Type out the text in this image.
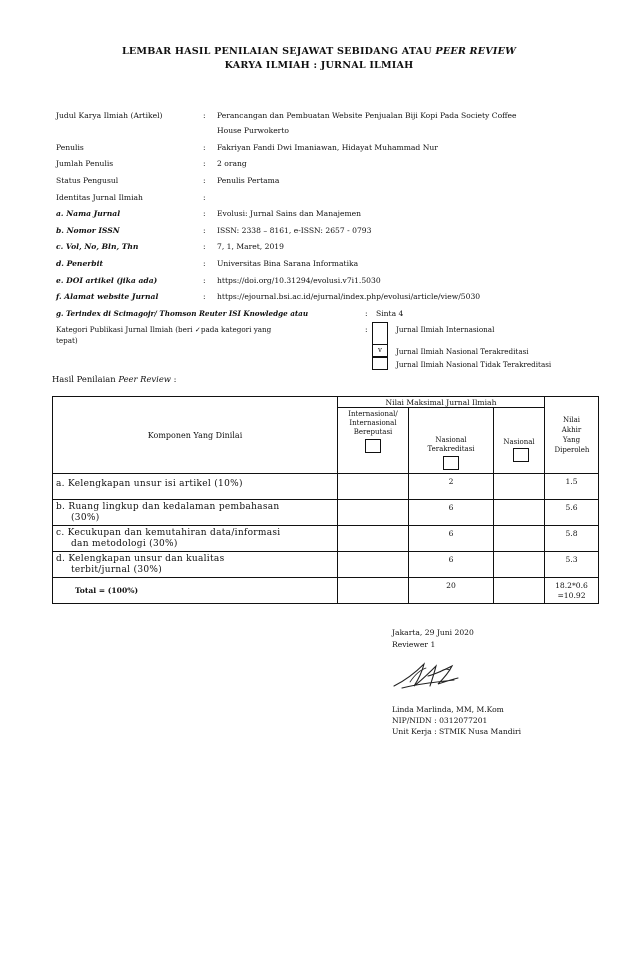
LEMBAR HASIL PENILAIAN SEJAWAT SEBIDANG ATAU PEER REVIEW
KARYA ILMIAH : JURNAL ILMIAH
Judul Karya Ilmiah (Artikel)	: Perancangan dan Pembuatan Website Penjualan Biji Kopi Pada Society Coffee
House Purwokerto
Penulis	: Fakriyan Fandi Dwi Imaniawan, Hidayat Muhammad Nur
Jumlah Penulis	: 2 orang
Status Pengusul	: Penulis Pertama
Identitas Jurnal Ilmiah	:
a. Nama Jurnal	: Evolusi: Jurnal Sains dan Manajemen
b. Nomor ISSN	: ISSN: 2338 – 8161, e-ISSN: 2657 - 0793
c. Vol, No, Bln, Thn	: 7, 1, Maret, 2019
d. Penerbit	: Universitas Bina Sarana Informatika
e. DOI artikel (jika ada)	: https://doi.org/10.31294/evolusi.v7i1.5030
f. Alamat website Jurnal	: https://ejournal.bsi.ac.id/ejurnal/index.php/evolusi/article/view/5030
g. Terindex di Scimagojr/ Thomson Reuter ISI Knowledge atau	: Sinta 4
Kategori Publikasi Jurnal Ilmiah (beri ✓pada kategori yang
tepat)
:	Jurnal Ilmiah Internasional
v	Jurnal Ilmiah Nasional Terakreditasi
Jurnal Ilmiah Nasional Tidak Terakreditasi
Hasil Penilaian Peer Review :
Komponen Yang Dinilai	Nilai Maksimal Jurnal Ilmiah			Nilai Akhir Yang Diperoleh

	Internasional/ Internasional Bereputasi	Nasional Terakreditasi	Nasional	

a. Kelengkapan unsur isi artikel (10%)		2		1.5

b. Ruang lingkup dan kedalaman pembahasan
(30%)		6		5.6

c. Kecukupan dan kemutahiran data/informasi
dan metodologi (30%)		6		5.8

d. Kelengkapan unsur dan kualitas
terbit/jurnal (30%)		6		5.3
Total = (100%)		20		18.2*0.6
=10.92
Jakarta, 29 Juni 2020
Reviewer 1
Linda Marlinda, MM, M.Kom
NIP/NIDN : 0312077201
Unit Kerja : STMIK Nusa Mandiri
